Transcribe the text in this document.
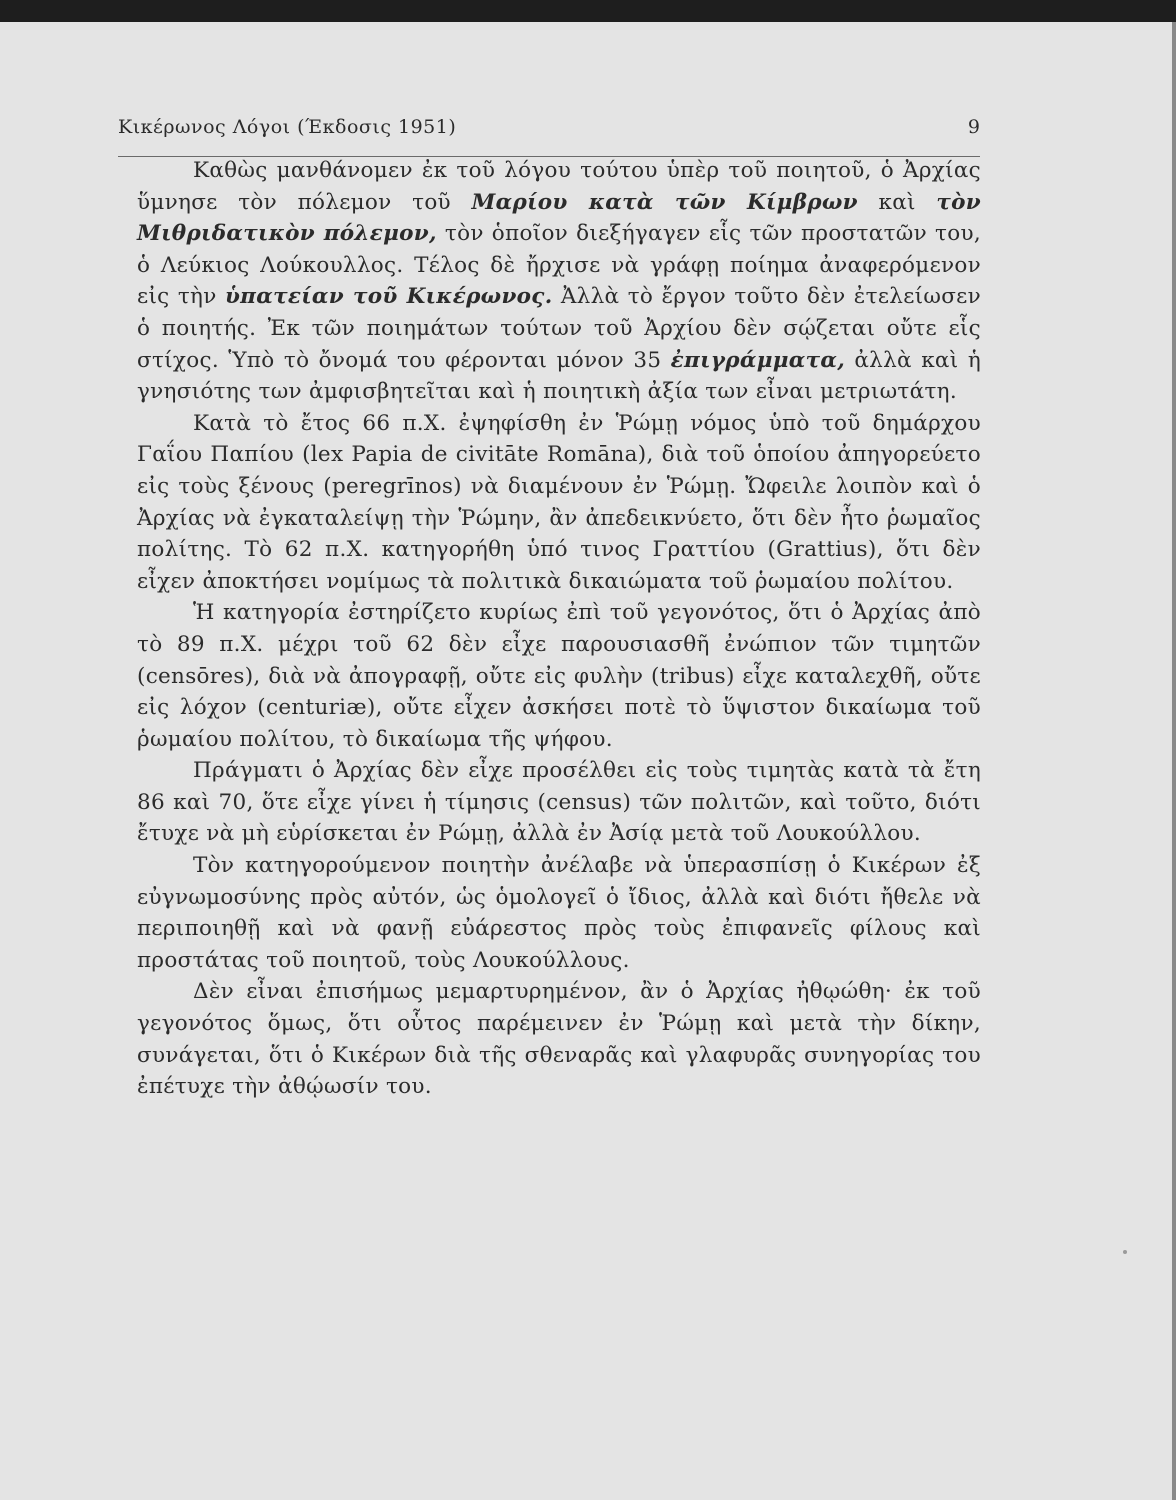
Κικέρωνος Λόγοι (Έκδοσις 1951)	9

Καθὼς μανθάνομεν ἐκ τοῦ λόγου τούτου ὑπὲρ τοῦ ποιητοῦ, ὁ Ἀρχίας ὕμνησε τὸν πόλεμον τοῦ Μαρίου κατὰ τῶν Κίμβρων καὶ τὸν Μιθριδατικὸν πόλεμον, τὸν ὁποῖον διεξήγαγεν εἷς τῶν προστατῶν του, ὁ Λεύκιος Λούκουλλος. Τέλος δὲ ἤρχισε νὰ γράφῃ ποίημα ἀναφερόμενον εἰς τὴν ὑπατείαν τοῦ Κικέρωνος. Ἀλλὰ τὸ ἔργον τοῦτο δὲν ἐτελείωσεν ὁ ποιητής. Ἐκ τῶν ποιημάτων τούτων τοῦ Ἀρχίου δὲν σῴζεται οὔτε εἷς στίχος. Ὑπὸ τὸ ὄνομά του φέρονται μόνον 35 ἐπιγράμματα, ἀλλὰ καὶ ἡ γνησιότης των ἀμφισβητεῖται καὶ ἡ ποιητικὴ ἀξία των εἶναι μετριωτάτη.

Κατὰ τὸ ἔτος 66 π.Χ. ἐψηφίσθη ἐν Ῥώμῃ νόμος ὑπὸ τοῦ δημάρχου Γαΐου Παπίου (lex Papia de civitāte Romāna), διὰ τοῦ ὁποίου ἀπηγορεύετο εἰς τοὺς ξένους (peregrīnos) νὰ διαμένουν ἐν Ῥώμῃ. Ὤφειλε λοιπὸν καὶ ὁ Ἀρχίας νὰ ἐγκαταλείψῃ τὴν Ῥώμην, ἂν ἀπεδεικνύετο, ὅτι δὲν ἦτο ῥωμαῖος πολίτης. Τὸ 62 π.Χ. κατηγορήθη ὑπό τινος Γραττίου (Grattius), ὅτι δὲν εἶχεν ἀποκτήσει νομίμως τὰ πολιτικὰ δικαιώματα τοῦ ῥωμαίου πολίτου.

Ἡ κατηγορία ἐστηρίζετο κυρίως ἐπὶ τοῦ γεγονότος, ὅτι ὁ Ἀρχίας ἀπὸ τὸ 89 π.Χ. μέχρι τοῦ 62 δὲν εἶχε παρουσιασθῆ ἐνώπιον τῶν τιμητῶν (censōres), διὰ νὰ ἀπογραφῇ, οὔτε εἰς φυλὴν (tribus) εἶχε καταλεχθῆ, οὔτε εἰς λόχον (centuriæ), οὔτε εἶχεν ἀσκήσει ποτὲ τὸ ὕψιστον δικαίωμα τοῦ ῥωμαίου πολίτου, τὸ δικαίωμα τῆς ψήφου.

Πράγματι ὁ Ἀρχίας δὲν εἶχε προσέλθει εἰς τοὺς τιμητὰς κατὰ τὰ ἔτη 86 καὶ 70, ὅτε εἶχε γίνει ἡ τίμησις (census) τῶν πολιτῶν, καὶ τοῦτο, διότι ἔτυχε νὰ μὴ εὑρίσκεται ἐν Ρώμῃ, ἀλλὰ ἐν Ἀσίᾳ μετὰ τοῦ Λουκούλλου.

Τὸν κατηγορούμενον ποιητὴν ἀνέλαβε νὰ ὑπερασπίσῃ ὁ Κικέρων ἐξ εὐγνωμοσύνης πρὸς αὐτόν, ὡς ὁμολογεῖ ὁ ἴδιος, ἀλλὰ καὶ διότι ἤθελε νὰ περιποιηθῇ καὶ νὰ φανῇ εὐάρεστος πρὸς τοὺς ἐπιφανεῖς φίλους καὶ προστάτας τοῦ ποιητοῦ, τοὺς Λουκούλλους.

Δὲν εἶναι ἐπισήμως μεμαρτυρημένον, ἂν ὁ Ἀρχίας ἠθῳώθη· ἐκ τοῦ γεγονότος ὅμως, ὅτι οὗτος παρέμεινεν ἐν Ῥώμῃ καὶ μετὰ τὴν δίκην, συνάγεται, ὅτι ὁ Κικέρων διὰ τῆς σθεναρᾶς καὶ γλαφυρᾶς συνηγορίας του ἐπέτυχε τὴν ἀθῴωσίν του.
